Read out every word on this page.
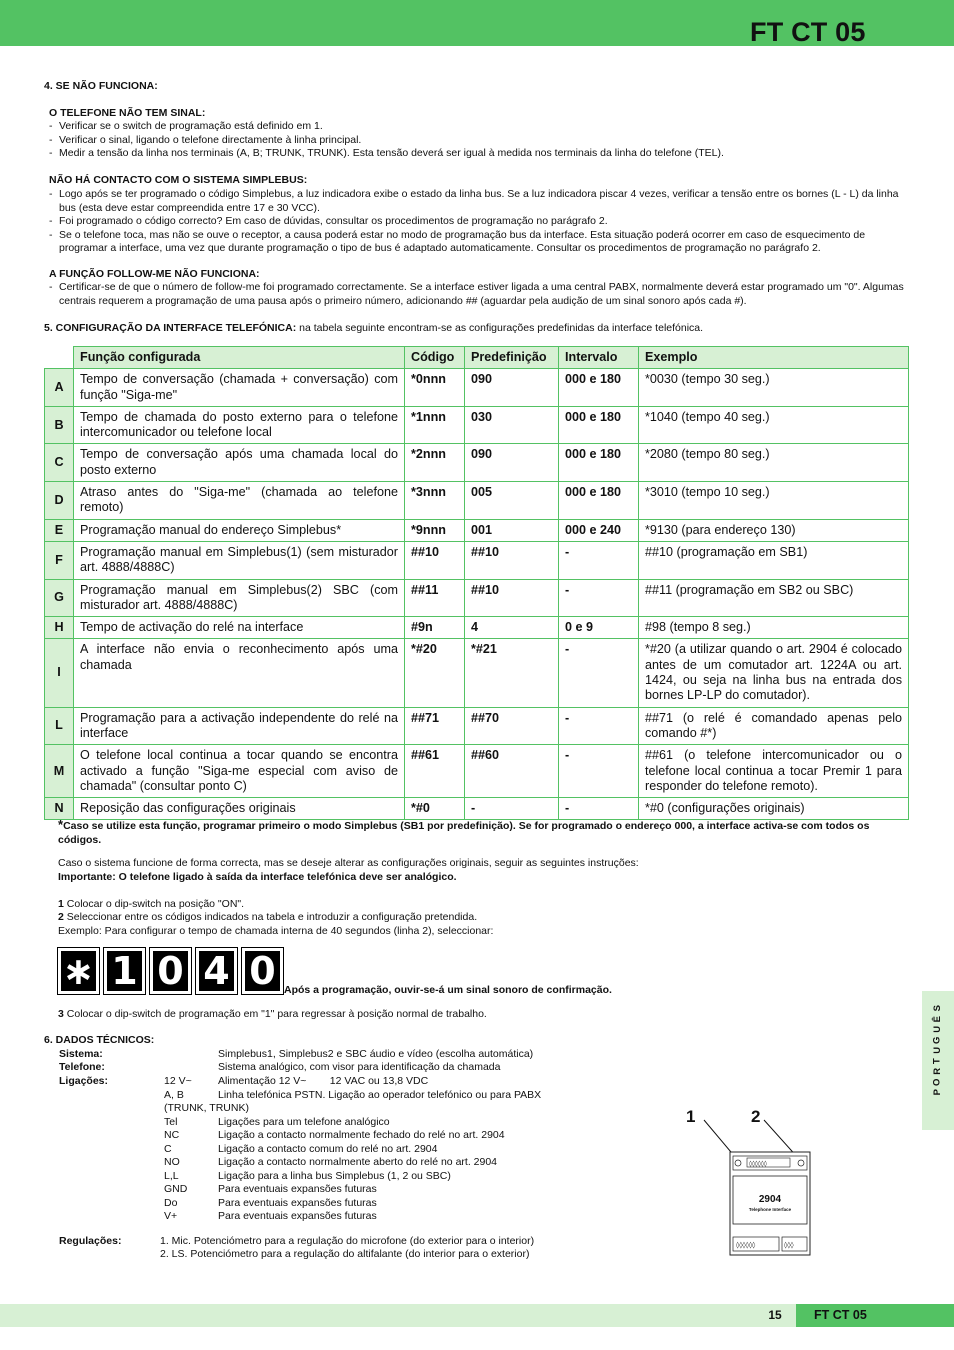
FT CT 05
4. SE NÃO FUNCIONA:
O TELEFONE NÃO TEM SINAL:
- Verificar se o switch de programação está definido em 1.
- Verificar o sinal, ligando o telefone directamente à linha principal.
- Medir a tensão da linha nos terminais (A, B; TRUNK, TRUNK). Esta tensão deverá ser igual à medida nos terminais da linha do telefone (TEL).
NÃO HÁ CONTACTO COM O SISTEMA SIMPLEBUS:
- Logo após se ter programado o código Simplebus, a luz indicadora exibe o estado da linha bus. Se a luz indicadora piscar 4 vezes, verificar a tensão entre os bornes (L - L) da linha bus (esta deve estar compreendida entre 17 e 30 VCC).
- Foi programado o código correcto? Em caso de dúvidas, consultar os procedimentos de programação no parágrafo 2.
- Se o telefone toca, mas não se ouve o receptor, a causa poderá estar no modo de programação bus da interface. Esta situação poderá ocorrer em caso de esquecimento de programar a interface, uma vez que durante programação o tipo de bus é adaptado automaticamente. Consultar os procedimentos de programação no parágrafo 2.
A FUNÇÃO FOLLOW-ME NÃO FUNCIONA:
- Certificar-se de que o número de follow-me foi programado correctamente. Se a interface estiver ligada a uma central PABX, normalmente deverá estar programado um "0". Algumas centrais requerem a programação de uma pausa após o primeiro número, adicionando ## (aguardar pela audição de um sinal sonoro após cada #).
5. CONFIGURAÇÃO DA INTERFACE TELEFÓNICA: na tabela seguinte encontram-se as configurações predefinidas da interface telefónica.
	Função configurada	Código	Predefinição	Intervalo	Exemplo
A	Tempo de conversação (chamada + conversação) com função "Siga-me"	*0nnn	090	000 e 180	*0030 (tempo 30 seg.)
B	Tempo de chamada do posto externo para o telefone intercomunicador ou telefone local	*1nnn	030	000 e 180	*1040 (tempo 40 seg.)
C	Tempo de conversação após uma chamada local do posto externo	*2nnn	090	000 e 180	*2080 (tempo 80 seg.)
D	Atraso antes do "Siga-me" (chamada ao telefone remoto)	*3nnn	005	000 e 180	*3010 (tempo 10 seg.)
E	Programação manual do endereço Simplebus*	*9nnn	001	000 e 240	*9130 (para endereço 130)
F	Programação manual em Simplebus(1) (sem misturador art. 4888/4888C)	##10	##10	-	##10 (programação em SB1)
G	Programação manual em Simplebus(2) SBC (com misturador art. 4888/4888C)	##11	##10	-	##11 (programação em SB2 ou SBC)
H	Tempo de activação do relé na interface	#9n	4	0 e 9	#98 (tempo 8 seg.)
I	A interface não envia o reconhecimento após uma chamada	*#20	*#21	-	*#20 (a utilizar quando o art. 2904 é colocado antes de um comutador art. 1224A ou art. 1424, ou seja na linha bus na entrada dos bornes LP-LP do comutador).
L	Programação para a activação independente do relé na interface	##71	##70	-	##71 (o relé é comandado apenas pelo comando #*)
M	O telefone local continua a tocar quando se encontra activado a função "Siga-me especial com aviso de chamada" (consultar ponto C)	##61	##60	-	##61 (o telefone intercomunicador ou o telefone local continua a tocar Premir 1 para responder do telefone remoto).
N	Reposição das configurações originais	*#0	-	-	*#0 (configurações originais)
*Caso se utilize esta função, programar primeiro o modo Simplebus (SB1 por predefinição). Se for programado o endereço 000, a interface activa-se com todos os códigos.
Caso o sistema funcione de forma correcta, mas se deseje alterar as configurações originais, seguir as seguintes instruções:
Importante: O telefone ligado à saída da interface telefónica deve ser analógico.
1 Colocar o dip-switch na posição "ON".
2 Seleccionar entre os códigos indicados na tabela e introduzir a configuração pretendida.
Exemplo: Para configurar o tempo de chamada interna de 40 segundos (linha 2), seleccionar:
∗ 1 0 4 0 Após a programação, ouvir-se-á um sinal sonoro de confirmação.
3 Colocar o dip-switch de programação em "1" para regressar à posição normal de trabalho.
6. DADOS TÉCNICOS:
Sistema:	Simplebus1, Simplebus2 e SBC áudio e vídeo (escolha automática)
Telefone:	Sistema analógico, com visor para identificação da chamada
Ligações:	12 V~	Alimentação 12 V~        12 VAC ou 13,8 VDC
A, B	Linha telefónica PSTN. Ligação ao operador telefónico ou para PABX
(TRUNK, TRUNK)
Tel	Ligações para um telefone analógico
NC	Ligação a contacto normalmente fechado do relé no art. 2904
C	Ligação a contacto comum do relé no art. 2904
NO	Ligação a contacto normalmente aberto do relé no art. 2904
L,L	Ligação para a linha bus Simplebus (1, 2 ou SBC)
GND	Para eventuais expansões futuras
Do	Para eventuais expansões futuras
V+	Para eventuais expansões futuras
Regulações:	1. Mic. Potenciómetro para a regulação do microfone (do exterior para o interior)
2. LS. Potenciómetro para a regulação do altifalante (do interior para o exterior)
1	2
◊◊◊◊◊◊
2904
Telephone Interface
◊◊◊◊◊◊	◊◊◊
P
O
R
T
U
G
U
Ê
S
15	FT CT 05
